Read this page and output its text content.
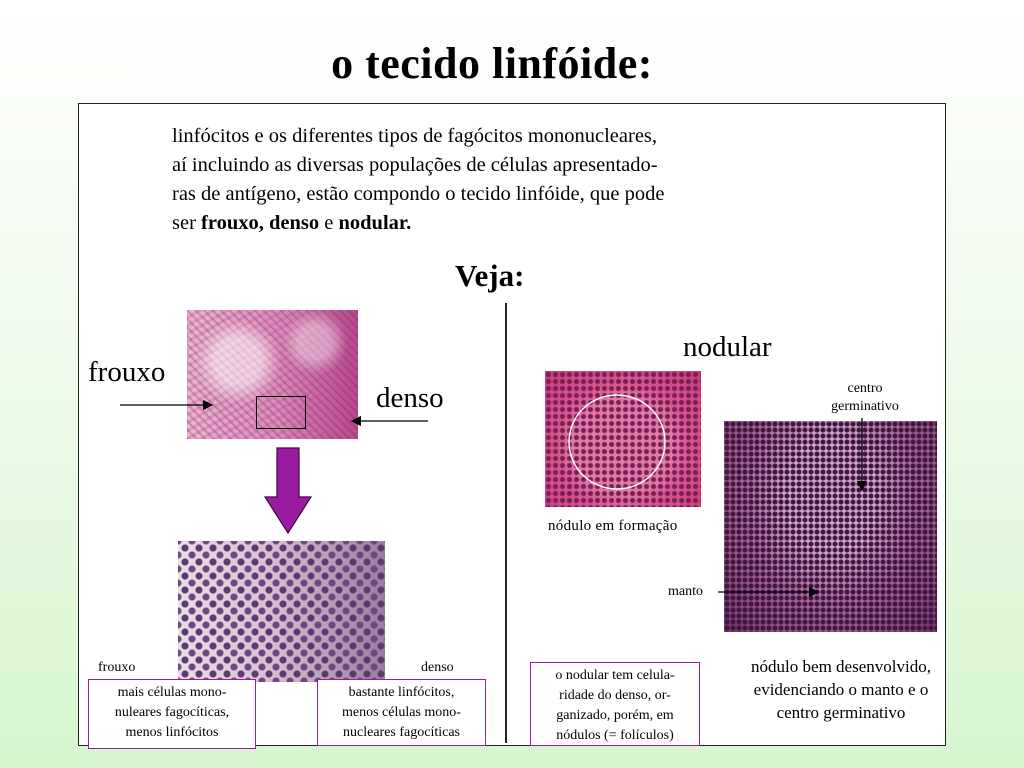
o tecido linfóide:

linfócitos e os diferentes tipos de fagócitos mononucleares,

aí incluindo as diversas populações de células apresentado-

ras de antígeno, estão compondo o tecido linfóide, que pode

ser frouxo, denso e nodular.

Veja:
frouxo
denso
nodular
centro
germinativo
nódulo em formação
manto
frouxo	denso	nódulo bem desenvolvido,
evidenciando o manto e o
centro germinativo
mais células mono-
nuleares fagocíticas,
menos linfócitos
bastante linfócitos,
menos células mono-
nucleares fagocíticas
o nodular tem celula-
ridade do denso, or-
ganizado, porém, em
nódulos (= folículos)
